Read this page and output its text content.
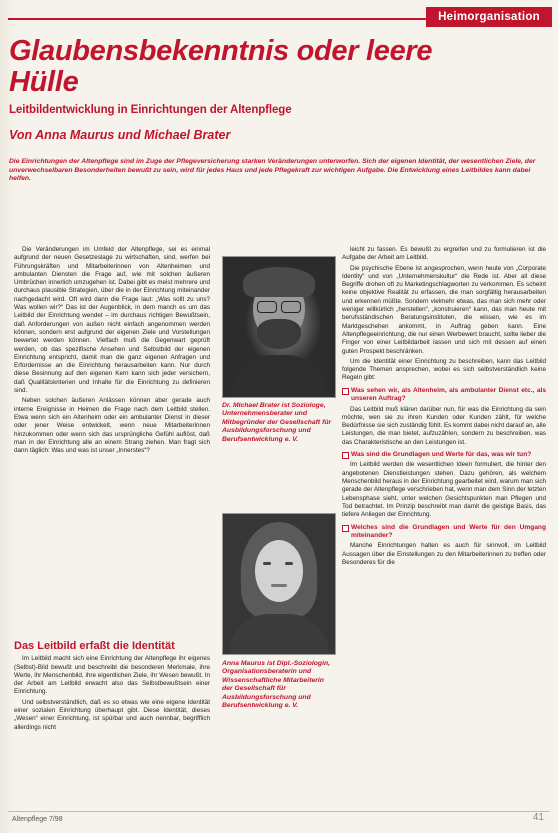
Heimorganisation
Glaubensbekenntnis oder leere Hülle
Leitbildentwicklung in Einrichtungen der Altenpflege

Von Anna Maurus und Michael Brater

Die Einrichtungen der Altenpflege sind im Zuge der Pflegeversicherung starken Veränderungen unterworfen. Sich der eigenen Identität, der wesentlichen Ziele, der unverwechselbaren Besonderheiten bewußt zu sein, wird für jedes Haus und jede Pflegekraft zur wichtigen Aufgabe. Die Entwicklung eines Leitbildes kann dabei helfen.

Die Veränderungen im Umfeld der Altenpflege, sei es einmal aufgrund der neuen Gesetzeslage zu wirtschaften, sind, werfen bei Führungskräften und Mitarbeiterinnen von Altenheimen und ambulanten Diensten die Frage auf, wie mit solchen äußeren Umbrüchen innerlich umzugehen ist. Dabei gibt es meist mehrere und durchaus plausible Strategien, über die in der Einrichtung miteinander nachgedacht wird. Oft wird dann die Frage laut: „Was sollt zu uns? Was wollen wir?“ Das ist der Augenblick, in dem manch es um das Leitbild der Einrichtung wendet – im durchaus richtigen Bewußtsein, daß Anforderungen von außen nicht einfach angenommen werden können, sondern erst aufgrund der eigenen Ziele und Vorstellungen bewertet werden können. Vielfach muß die Gegenwart geprüft werden, ob das spezifische Ansehen und Selbstbild der eigenen Einrichtung entspricht, damit man die ganz eigenen Anfragen und Erfordernisse an die Einrichtung herausarbeiten kann. Nur durch diese Besinnung auf den eigenen Kern kann sich jeder versichern, daß Qualitätskriterien und Inhalte für die Einrichtung zu definieren sind.

Neben solchen äußeren Anlässen können aber gerade auch interne Ereignisse in Heimen die Frage nach dem Leitbild stellen. Etwa wenn sich ein Altenheim oder ein ambulanter Dienst in dieser oder jener Weise entwickelt, wenn neue Mitarbeiterinnen hinzukommen oder wenn sich das ursprüngliche Gefühl auflöst, daß man in der Einrichtung alle an einem Strang ziehen. Man fragt sich dann täglich: Was und was ist unser „Innerstes“?

Das Leitbild erfaßt die Identität

Im Leitbild macht sich eine Einrichtung der Altenpflege ihr eigenes (Selbst)-Bild bewußt und beschreibt die besonderen Merkmale, ihre Werte, ihr Menschenbild, ihre eigentlichen Ziele, ihr Wesen bewußt. In der Arbeit am Leitbild erwacht also das Selbstbewußtsein einer Einrichtung.

Und selbstverständlich, daß es so etwas wie eine eigene Identität einer sozialen Einrichtung überhaupt gibt. Diese Identität, dieses „Wesen“ einer Einrichtung, ist spürbar und auch nennbar, begrifflich allerdings nicht

Dr. Michael Brater ist Soziologe, Unternehmensberater und Mitbegründer der Gesellschaft für Ausbildungsforschung und Berufsentwicklung e. V.
Anna Maurus ist Dipl.-Soziologin, Organisationsberaterin und Wissenschaftliche Mitarbeiterin der Gesellschaft für Ausbildungsforschung und Berufsentwicklung e. V.

leicht zu fassen. Es bewußt zu ergreifen und zu formulieren ist die Aufgabe der Arbeit am Leitbild.

Die psychische Ebene ist angesprochen, wenn heute von „Corporate Identity“ und von „Unternehmenskultur“ die Rede ist. Aber all diese Begriffe drohen oft zu Marketingschlagworten zu verkommen. Es scheint keine objektive Realität zu erfassen, die man sorgfältig herausarbeiten und erkennen müßte. Sondern vielmehr etwas, das man sich mehr oder weniger willkürlich „herstellen“, „konstruieren“ kann, das man heute mit berufsständischen Beratungsinstituten, die wissen, wie es im Marktgeschehen ankommt, in Auftrag geben kann. Eine Altenpflegeeinrichtung, die nur einen Werbewert braucht, sollte lieber die Finger von einer Leitbildarbeit lassen und sich mit dessen auf einen guten Prospekt beschränken.

Um die Identität einer Einrichtung zu beschreiben, kann das Leitbild folgende Themen ansprechen, wobei es sich selbstverständlich keine Regeln gibt:

Was sehen wir, als Altenheim, als ambulanter Dienst etc., als unseren Auftrag?

Das Leitbild muß klären darüber nun, für was die Einrichtung da sein möchte, wen sie zu ihren Kunden oder Kunden zählt, für welche Bedürfnisse sie sich zuständig fühlt. Es kommt dabei nicht darauf an, alle Leistungen, die man bietet, aufzuzählen, sondern zu beschreiben, was das Charakteristische an den Leistungen ist.

Was sind die Grundlagen und Werte für das, was wir tun?

Im Leitbild werden die wesentlichen Ideen formuliert, die hinter den angebotenen Dienstleistungen stehen. Dazu gehören, als welchem Menschenbild heraus in der Einrichtung gearbeitet wird, warum man sich gerade der Altenpflege verschrieben hat, wenn man dem Sinn der letzten Lebensphase sieht, unter welchen Gesichtspunkten man Pflegen und Tod betrachtet. Im Prinzip beschreibt man damit die geistige Basis, das tiefere Anliegen der Einrichtung.

Welches sind die Grundlagen und Werte für den Umgang miteinander?

Manche Einrichtungen halten es auch für sinnvoll, im Leitbild Aussagen über die Einstellungen zu den Mitarbeiterinnen zu treffen oder Besonderes für die

Altenpflege 7/98	41
